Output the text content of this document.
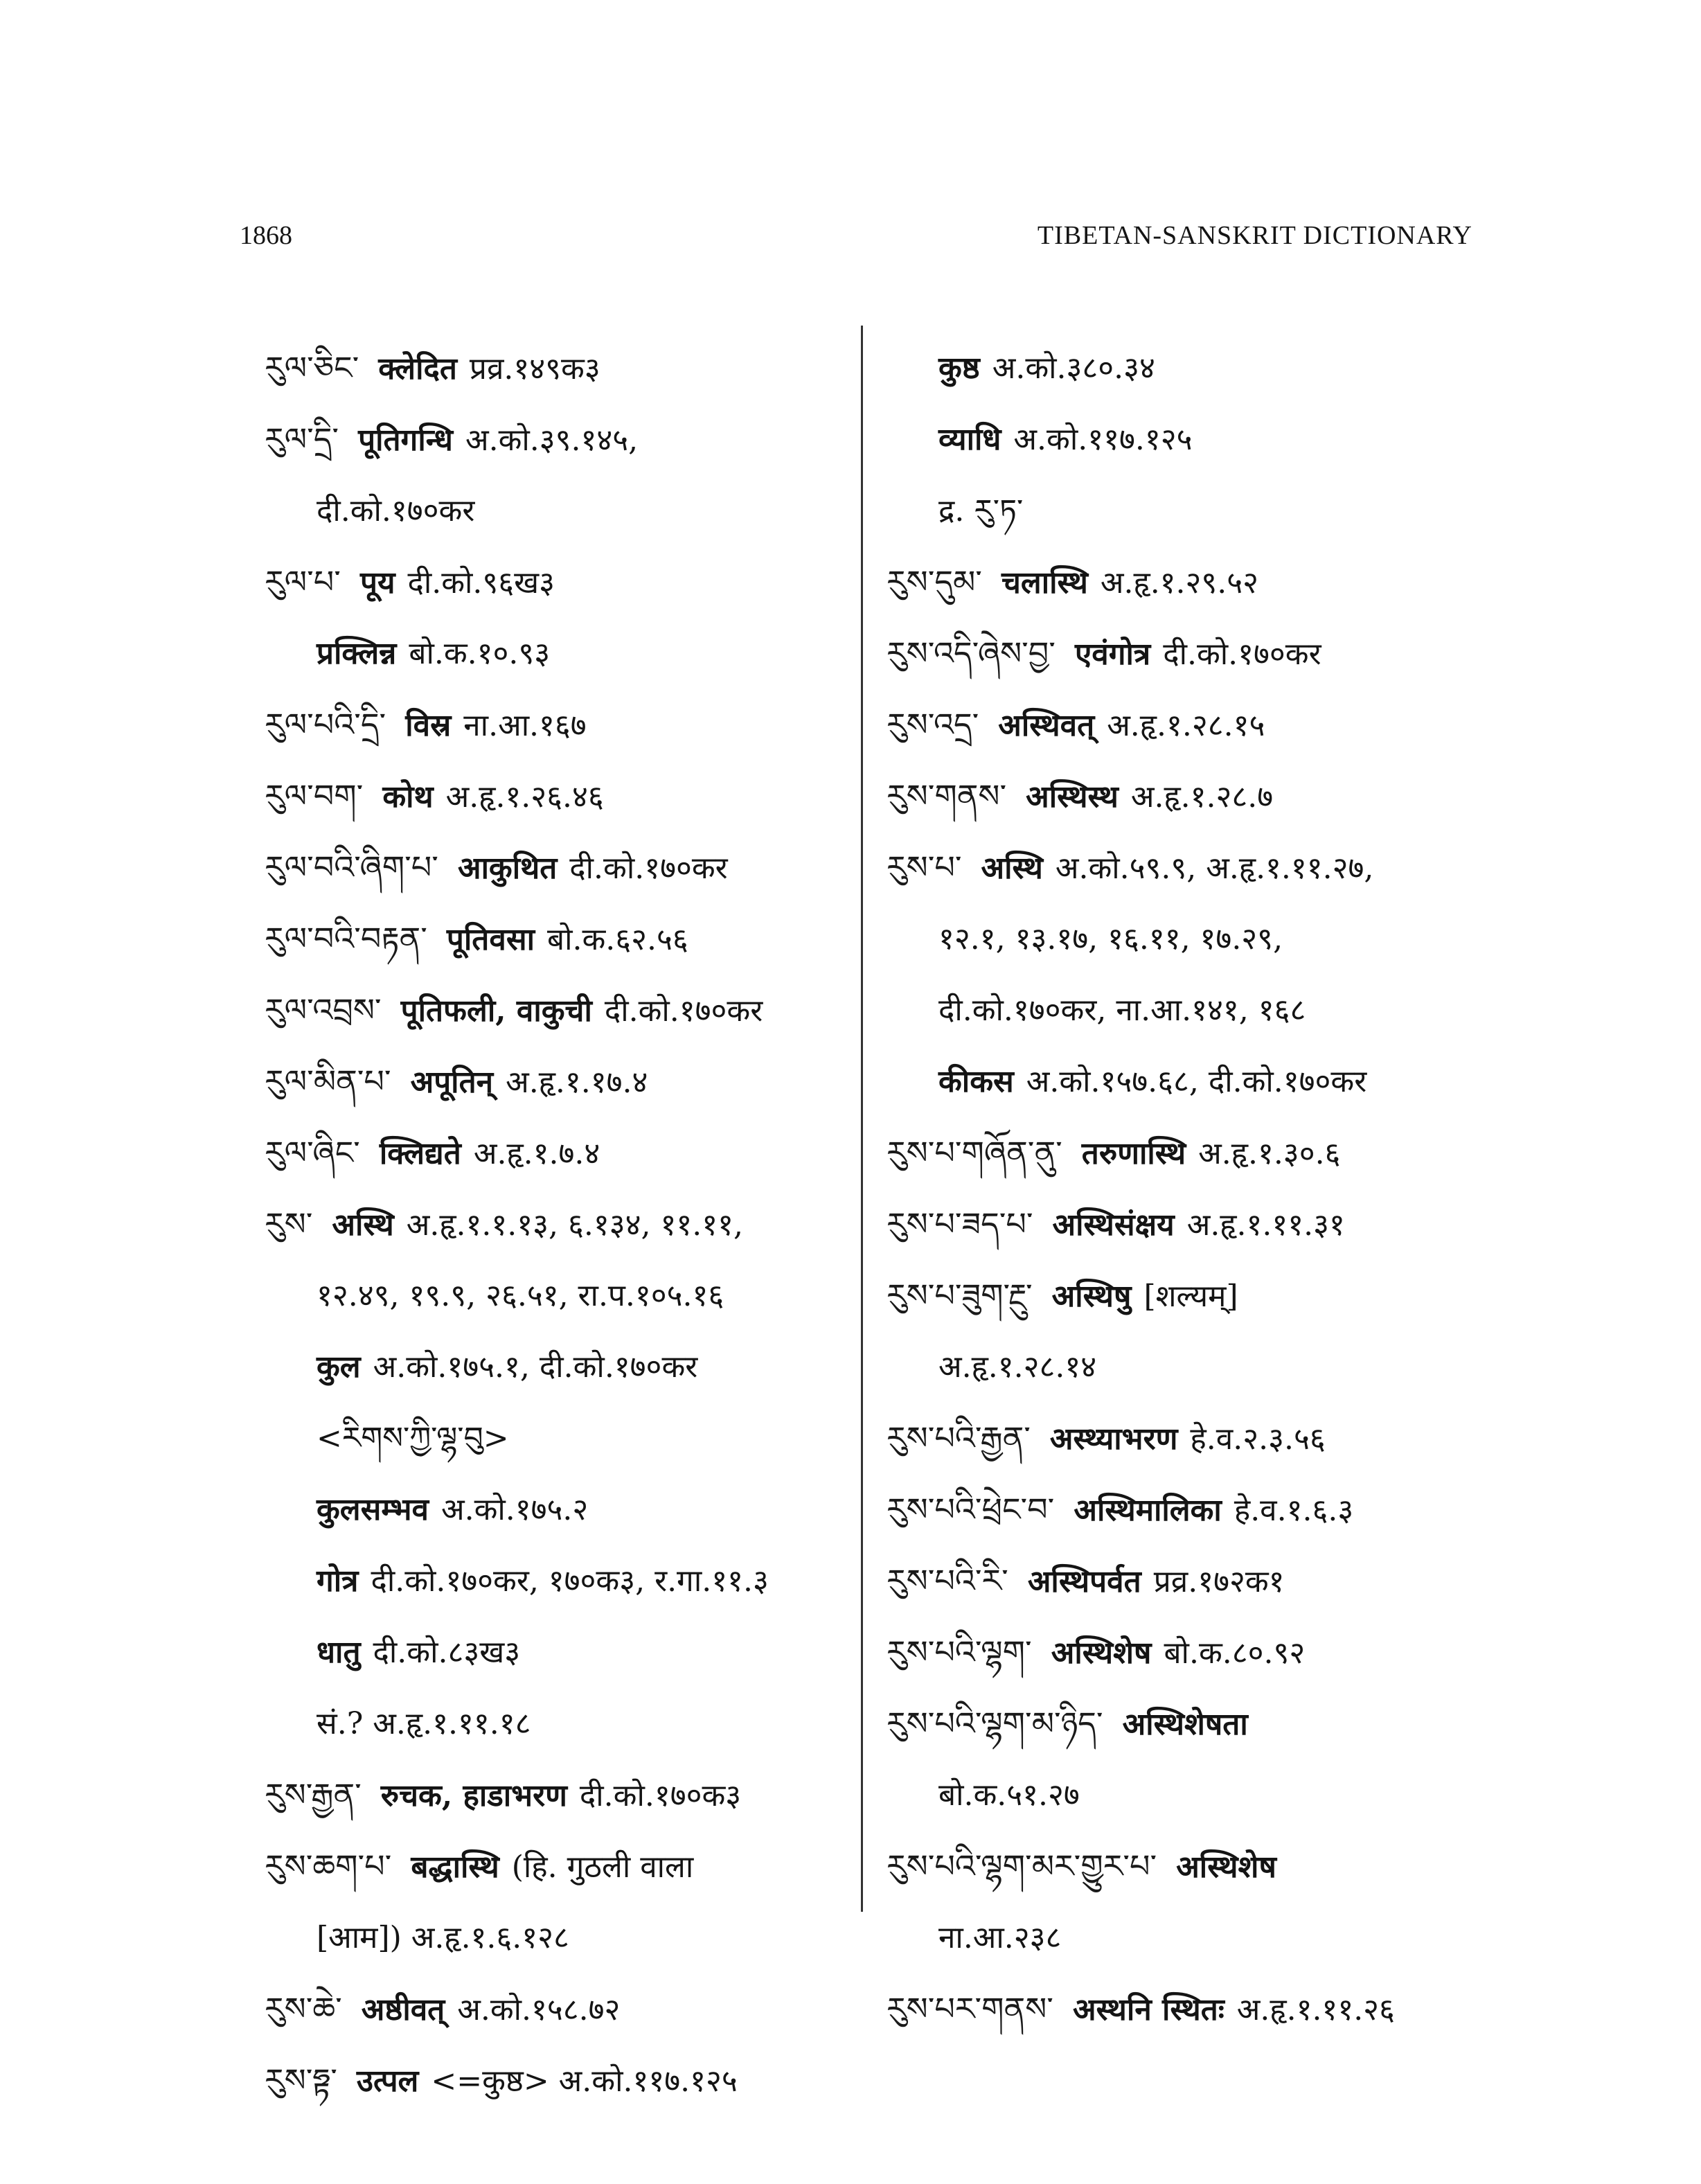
1868	TIBETAN-SANSKRIT DICTIONARY
རུལ་ཅིང་ क्लेदित प्रव्र.१४९क३
རུལ་དྲི་ पूतिगन्धि अ.को.३९.१४५,
दी.को.१७०कर
རུལ་པ་ पूय दी.को.९६ख३
प्रक्लिन्न बो.क.१०.९३
རུལ་པའི་དྲི་ विस्र ना.आ.१६७
རུལ་བག་ कोथ अ.हृ.१.२६.४६
རུལ་བའི་ཞིག་པ་ आकुथित दी.को.१७०कर
རུལ་བའི་བརྟན་ पूतिवसा बो.क.६२.५६
རུལ་འབྲས་ पूतिफली, वाकुची दी.को.१७०कर
རུལ་མིན་པ་ अपूतिन् अ.हृ.१.१७.४
རུལ་ཞིང་ क्लिद्यते अ.हृ.१.७.४
རུས་ अस्थि अ.हृ.१.१.१३, ६.१३४, ११.११,
१२.४९, १९.९, २६.५१, रा.प.१०५.१६
कुल अ.को.१७५.१, दी.को.१७०कर
<རིགས་ཀྱི་ལྷ་བུ>
कुलसम्भव अ.को.१७५.२
गोत्र दी.को.१७०कर, १७०क३, र.गा.११.३
धातु दी.को.८३ख३
सं.? अ.हृ.१.११.१८
རུས་རྒྱན་ रुचक, हाडाभरण दी.को.१७०क३
རུས་ཆག་པ་ बद्धास्थि (हि. गुठली वाला
[आम]) अ.हृ.१.६.१२८
རུས་ཆེ་ अष्ठीवत् अ.को.१५८.७२
རུས་ཧྟ་ उत्पल <=कुष्ठ> अ.को.११७.१२५
कुष्ठ अ.को.३८०.३४
व्याधि अ.को.११७.१२५
द्र. རུ་ཏ་
རུས་དུམ་ चलास्थि अ.हृ.१.२९.५२
རུས་འདི་ཞེས་བྱ་ एवंगोत्र दी.को.१७०कर
རུས་འདྲ་ अस्थिवत् अ.हृ.१.२८.१५
རུས་གནས་ अस्थिस्थ अ.हृ.१.२८.७
རུས་པ་ अस्थि अ.को.५९.९, अ.हृ.१.११.२७,
१२.१, १३.१७, १६.११, १७.२९,
दी.को.१७०कर, ना.आ.१४१, १६८
कीकस अ.को.१५७.६८, दी.को.१७०कर
རུས་པ་གཞོན་ནུ་ तरुणास्थि अ.हृ.१.३०.६
རུས་པ་ཟད་པ་ अस्थिसंक्षय अ.हृ.१.११.३१
རུས་པ་ཟུག་རྔུ་ अस्थिषु [शल्यम्]
अ.हृ.१.२८.१४
རུས་པའི་རྒྱན་ अस्थ्याभरण हे.व.२.३.५६
རུས་པའི་ཕྲེང་བ་ अस्थिमालिका हे.व.१.६.३
རུས་པའི་རི་ अस्थिपर्वत प्रव्र.१७२क१
རུས་པའི་ལྷག་ अस्थिशेष बो.क.८०.९२
རུས་པའི་ལྷག་མ་ཉིད་ अस्थिशेषता
बो.क.५१.२७
རུས་པའི་ལྷག་མར་གྱུར་པ་ अस्थिशेष
ना.आ.२३८
རུས་པར་གནས་ अस्थनि स्थितः अ.हृ.१.११.२६
